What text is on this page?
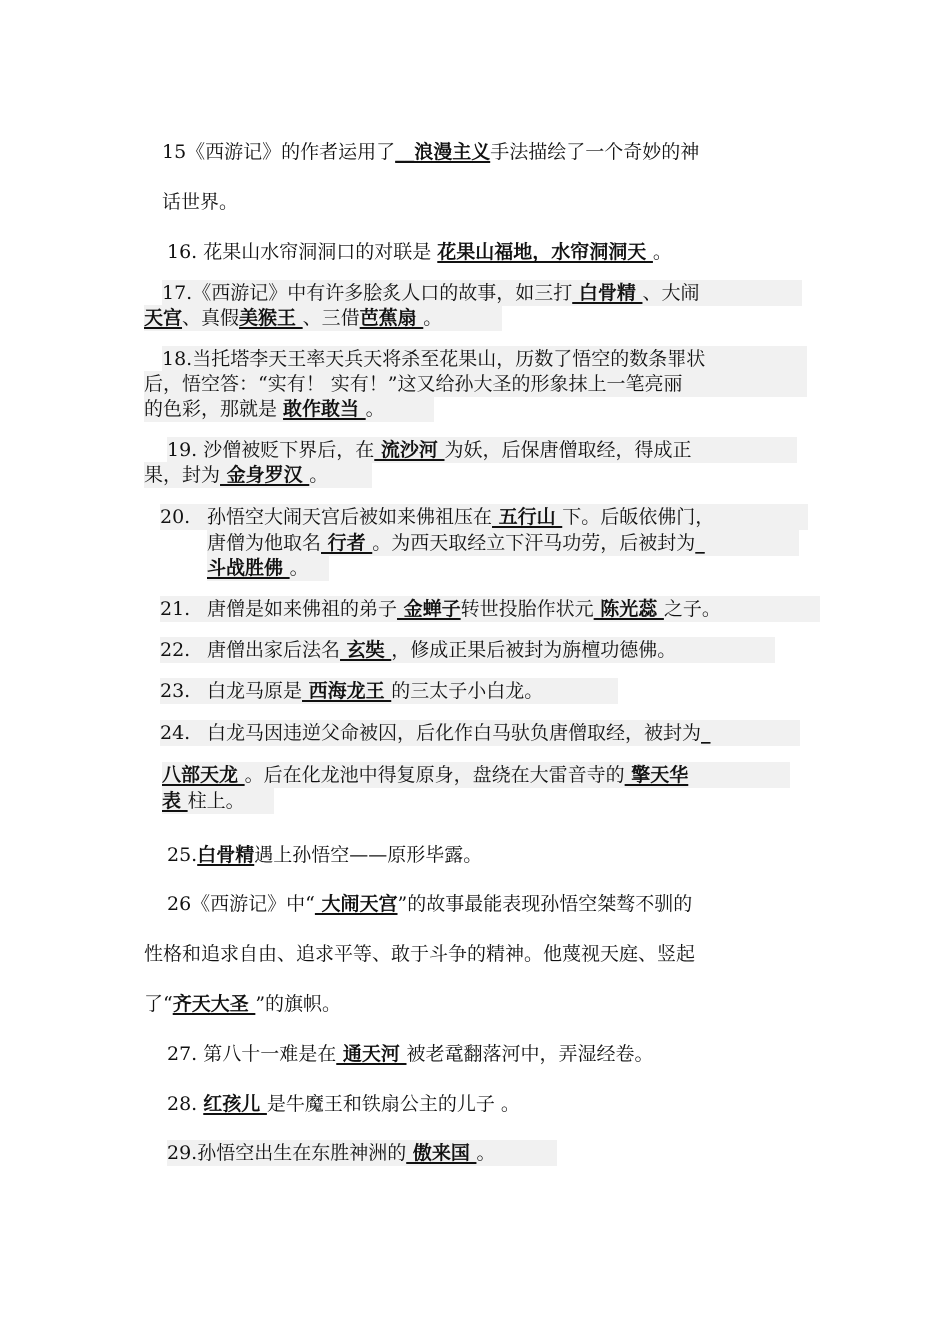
15《西游记》的作者运用了__浪漫主义手法描绘了一个奇妙的神
话世界。
16. 花果山水帘洞洞口的对联是 花果山福地，水帘洞洞天 。
17.《西游记》中有许多脍炙人口的故事，如三打 白骨精 、大闹
天宫、真假美猴王 、三借芭蕉扇 。
18.当托塔李天王率天兵天将杀至花果山，历数了悟空的数条罪状
后，悟空答：“实有！ 实有！”这又给孙大圣的形象抹上一笔亮丽
的色彩，那就是 敢作敢当 。
19. 沙僧被贬下界后，在 流沙河 为妖，后保唐僧取经，得成正
果，封为 金身罗汉 。
20. 孙悟空大闹天宫后被如来佛祖压在 五行山 下。后皈依佛门，
唐僧为他取名 行者 。为西天取经立下汗马功劳，后被封为_
斗战胜佛 。
21. 唐僧是如来佛祖的弟子 金蝉子转世投胎作状元 陈光蕊 之子。
22. 唐僧出家后法名 玄奘 ，修成正果后被封为旃檀功德佛。
23. 白龙马原是 西海龙王 的三太子小白龙。
24. 白龙马因违逆父命被囚，后化作白马驮负唐僧取经，被封为_
八部天龙 。后在化龙池中得复原身，盘绕在大雷音寺的 擎天华
表 柱上。
25.白骨精遇上孙悟空——原形毕露。
26《西游记》中“ 大闹天宫”的故事最能表现孙悟空桀骜不驯的
性格和追求自由、追求平等、敢于斗争的精神。他蔑视天庭、竖起
了“齐天大圣 ”的旗帜。
27. 第八十一难是在 通天河 被老鼋翻落河中，弄湿经卷。
28. 红孩儿 是牛魔王和铁扇公主的儿子 。
29.孙悟空出生在东胜神洲的 傲来国 。
